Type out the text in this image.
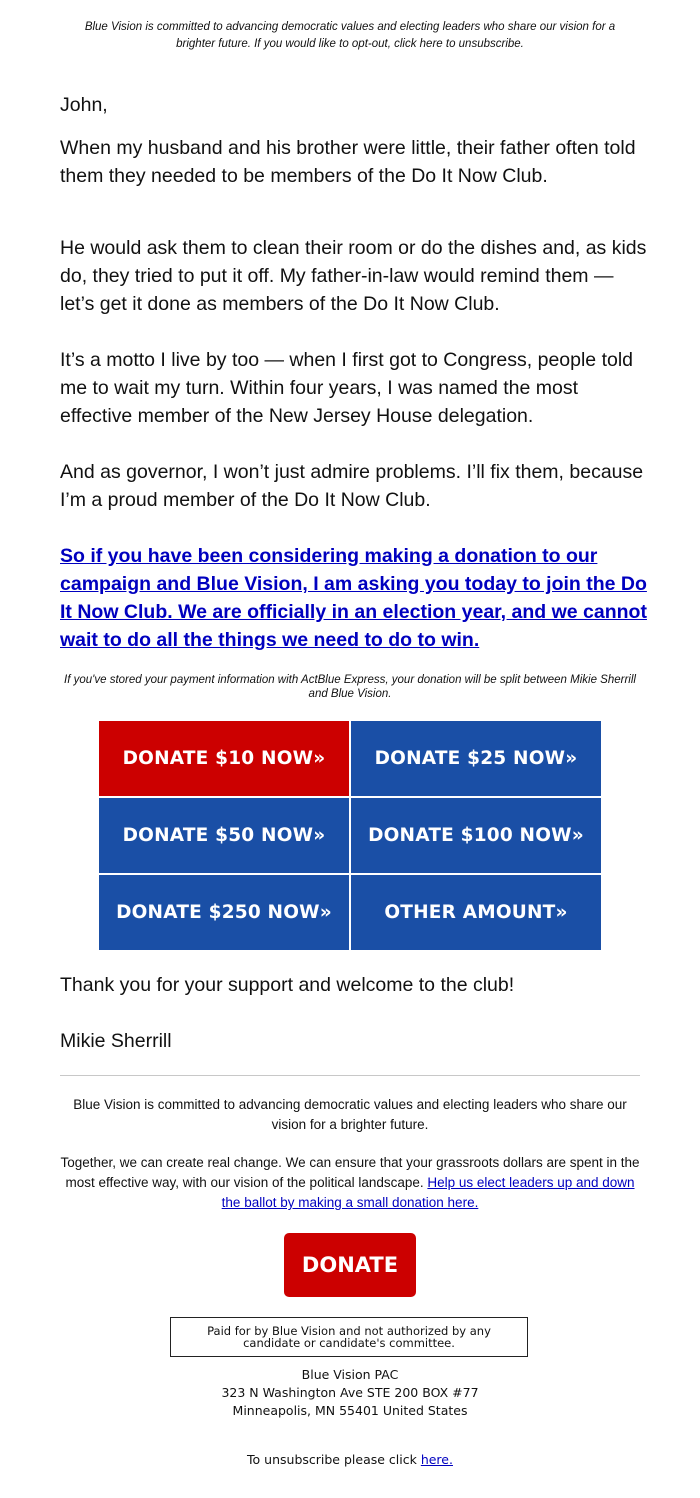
Blue Vision is committed to advancing democratic values and electing leaders who share our vision for a brighter future. If you would like to opt-out, click here to unsubscribe.

John,

When my husband and his brother were little, their father often told them they needed to be members of the Do It Now Club.

He would ask them to clean their room or do the dishes and, as kids do, they tried to put it off. My father-in-law would remind them — let’s get it done as members of the Do It Now Club.

It’s a motto I live by too — when I first got to Congress, people told me to wait my turn. Within four years, I was named the most effective member of the New Jersey House delegation.

And as governor, I won’t just admire problems. I’ll fix them, because I’m a proud member of the Do It Now Club.

So if you have been considering making a donation to our campaign and Blue Vision, I am asking you today to join the Do It Now Club. We are officially in an election year, and we cannot wait to do all the things we need to do to win.

If you've stored your payment information with ActBlue Express, your donation will be split between Mikie Sherrill and Blue Vision.
DONATE $10 NOW»	DONATE $25 NOW»
DONATE $50 NOW»	DONATE $100 NOW»
DONATE $250 NOW»	OTHER AMOUNT»

Thank you for your support and welcome to the club!

Mikie Sherrill

Blue Vision is committed to advancing democratic values and electing leaders who share our vision for a brighter future.

Together, we can create real change. We can ensure that your grassroots dollars are spent in the most effective way, with our vision of the political landscape. Help us elect leaders up and down the ballot by making a small donation here.

DONATE
Paid for by Blue Vision and not authorized by any candidate or candidate's committee.
Blue Vision PAC
323 N Washington Ave STE 200 BOX #77
Minneapolis, MN 55401 United States
To unsubscribe please click here.
